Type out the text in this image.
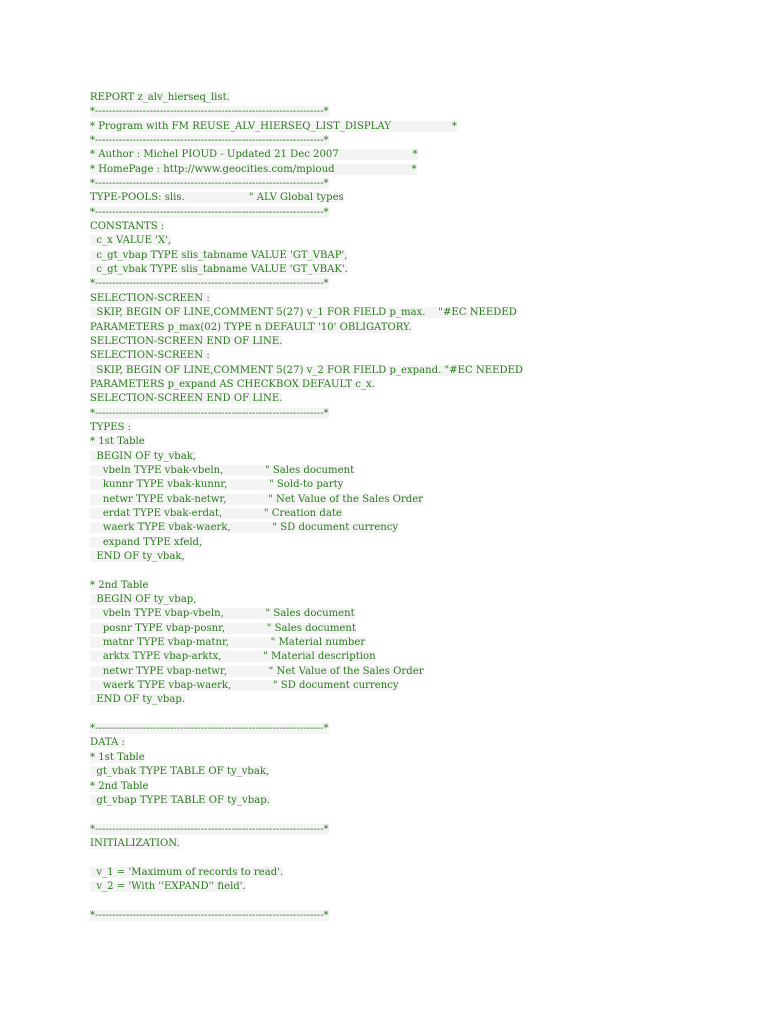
REPORT z_alv_hierseq_list.
*-------------------------------------------------------------------*
* Program with FM REUSE_ALV_HIERSEQ_LIST_DISPLAY                   *
*-------------------------------------------------------------------*
* Author : Michel PIOUD - Updated 21 Dec 2007                       *
* HomePage : http://www.geocities.com/mpioud                        *
*-------------------------------------------------------------------*
TYPE-POOLS: slis.                    " ALV Global types
*-------------------------------------------------------------------*
CONSTANTS :
c_x VALUE 'X',
c_gt_vbap TYPE slis_tabname VALUE 'GT_VBAP',
c_gt_vbak TYPE slis_tabname VALUE 'GT_VBAK'.
*-------------------------------------------------------------------*
SELECTION-SCREEN :
SKIP, BEGIN OF LINE,COMMENT 5(27) v_1 FOR FIELD p_max.    "#EC NEEDED
PARAMETERS p_max(02) TYPE n DEFAULT '10' OBLIGATORY.
SELECTION-SCREEN END OF LINE.
SELECTION-SCREEN :
SKIP, BEGIN OF LINE,COMMENT 5(27) v_2 FOR FIELD p_expand. "#EC NEEDED
PARAMETERS p_expand AS CHECKBOX DEFAULT c_x.
SELECTION-SCREEN END OF LINE.
*-------------------------------------------------------------------*
TYPES :
* 1st Table
BEGIN OF ty_vbak,
vbeln TYPE vbak-vbeln,             " Sales document
kunnr TYPE vbak-kunnr,             " Sold-to party
netwr TYPE vbak-netwr,             " Net Value of the Sales Order
erdat TYPE vbak-erdat,             " Creation date
waerk TYPE vbak-waerk,             " SD document currency
expand TYPE xfeld,
END OF ty_vbak,
* 2nd Table
BEGIN OF ty_vbap,
vbeln TYPE vbap-vbeln,             " Sales document
posnr TYPE vbap-posnr,             " Sales document
matnr TYPE vbap-matnr,             " Material number
arktx TYPE vbap-arktx,             " Material description
netwr TYPE vbap-netwr,             " Net Value of the Sales Order
waerk TYPE vbap-waerk,             " SD document currency
END OF ty_vbap.
*-------------------------------------------------------------------*
DATA :
* 1st Table
gt_vbak TYPE TABLE OF ty_vbak,
* 2nd Table
gt_vbap TYPE TABLE OF ty_vbap.
*-------------------------------------------------------------------*
INITIALIZATION.
v_1 = 'Maximum of records to read'.
v_2 = 'With ''EXPAND'' field'.
*-------------------------------------------------------------------*
